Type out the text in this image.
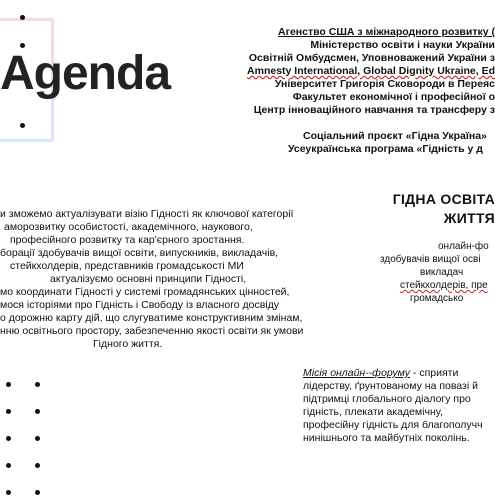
Agenda
Агенство США з міжнародного розвитку (
Міністерство освіти і науки України
Освітній Омбудсмен, Уповноважений України з
Amnesty International, Global Dignity Ukraine, Ed
Університет Григорія Сковороди в Переяс
Факультет економічної і професійної о
Центр інноваційного навчання та трансферу з
Соціальний проєкт «Гідна Україна»
Усеукраїнська програма «Гідність у д
ГІДНА ОСВІТА
ЖИТТЯ
онлайн-фо
здобувачів вищої осві
викладач
стейкхолдерів, пре
громадсько
и зможемо актуалізувати візію Гідності як ключової категорії
аморозвитку особистості, академічного, наукового,
професійного розвитку та кар'єрного зростання.
борації здобувачів вищої освіти, випускників, викладачів,
стейкхолдерів, представників громадськості МИ
актуалізуємо основні принципи Гідності,
мо координати Гідності у системі громадянських цінностей,
мося історіями про Гідність і Свободу із власного досвіду
о дорожню карту дій, що слугуватиме конструктивним змінам,
нню освітнього простору, забезпеченню якості освіти як умови
Гідного життя.
Місія онлайн--форуму - сприяти
лідерству, ґрунтованому на повазі й
підтримці глобального діалогу про
гідність, плекати академічну,
професійну гідність для благополучч
нинішнього та майбутніх поколінь.
